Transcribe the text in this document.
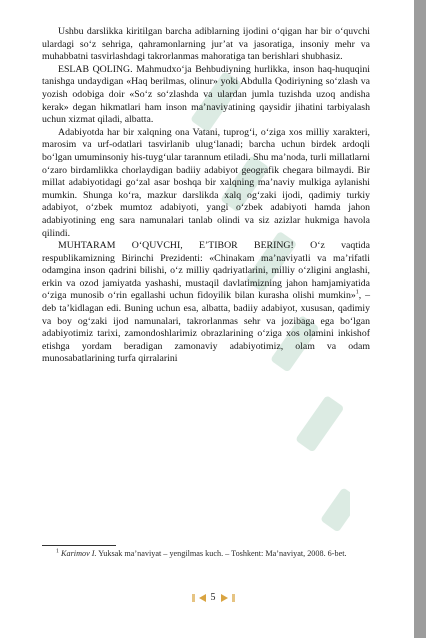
Ushbu darslikka kiritilgan barcha adiblarning ijodini o‘qigan har bir o‘quvchi ulardagi so‘z sehriga, qahramonlarning jur’at va jasoratiga, insoniy mehr va muhabbatni tasvirlashdagi takrorlanmas mahoratiga tan berishlari shubhasiz.

ESLAB QOLING. Mahmudxo‘ja Behbudiyning hurlikka, inson haq-huquqini tanishga undaydigan «Haq berilmas, olinur» yoki Abdulla Qodiriyning so‘zlash va yozish odobiga doir «So‘z so‘zlashda va ulardan jumla tuzishda uzoq andisha kerak» degan hikmatlari ham inson ma’naviyatining qaysidir jihatini tarbiyalash uchun xizmat qiladi, albatta.

Adabiyotda har bir xalqning ona Vatani, tuprog‘i, o‘ziga xos milliy xarakteri, marosim va urf-odatlari tasvirlanib ulug‘lanadi; barcha uchun birdek ardoqli bo‘lgan umuminsoniy his-tuyg‘ular tarannum etiladi. Shu ma’noda, turli millatlarni o‘zaro birdamlikka chorlaydigan badiiy adabiyot geografik chegara bilmaydi. Bir millat adabiyotidagi go‘zal asar boshqa bir xalqning ma’naviy mulkiga aylanishi mumkin. Shunga ko‘ra, mazkur darslikda xalq og‘zaki ijodi, qadimiy turkiy adabiyot, o‘zbek mumtoz adabiyoti, yangi o‘zbek adabiyoti hamda jahon adabiyotining eng sara namunalari tanlab olindi va siz azizlar hukmiga havola qilindi.

MUHTARAM O‘QUVCHI, E’TIBOR BERING! O‘z vaqtida respublikamizning Birinchi Prezidenti: «Chinakam ma’naviyatli va ma’rifatli odamgina inson qadrini bilishi, o‘z milliy qadriyatlarini, milliy o‘zligini anglashi, erkin va ozod jamiyatda yashashi, mustaqil davlatimizning jahon hamjamiyatida o‘ziga munosib o‘rin egallashi uchun fidoyilik bilan kurasha olishi mumkin»$^1$, – deb ta’kidlagan edi. Buning uchun esa, albatta, badiiy adabiyot, xususan, qadimiy va boy og‘zaki ijod namunalari, takrorlanmas sehr va jozibaga ega bo‘lgan adabiyotimiz tarixi, zamondoshlarimiz obrazlarining o‘ziga xos olamini inkishof etishga yordam beradigan zamonaviy adabiyotimiz, olam va odam munosabatlarining turfa qirralarini

$^1$ Karimov I. Yuksak ma’naviyat – yengilmas kuch. – Toshkent: Ma’naviyat, 2008. 6-bet.
5
